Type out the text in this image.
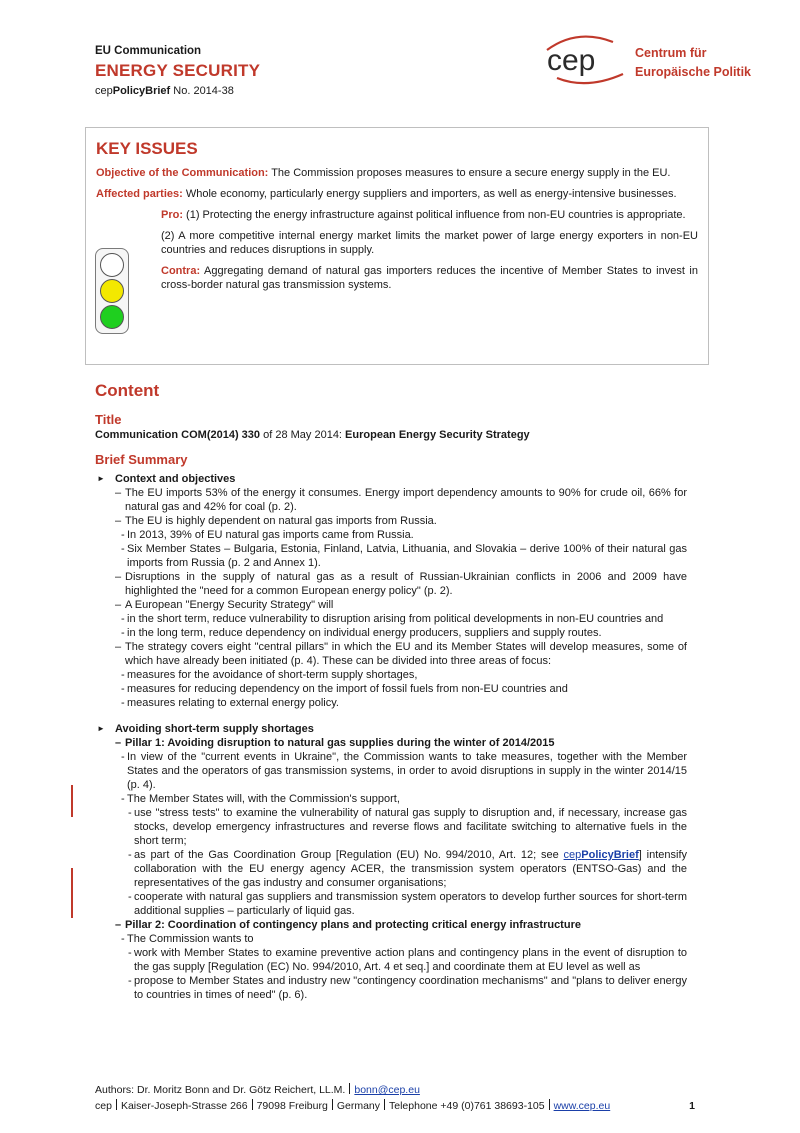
EU Communication
ENERGY SECURITY
cepPolicyBrief No. 2014-38
cep	Centrum für
Europäische Politik
KEY ISSUES

Objective of the Communication: The Commission proposes measures to ensure a secure energy supply in the EU.

Affected parties: Whole economy, particularly energy suppliers and importers, as well as energy-intensive businesses.

Pro: (1) Protecting the energy infrastructure against political influence from non-EU countries is appropriate.

(2) A more competitive internal energy market limits the market power of large energy exporters in non-EU countries and reduces disruptions in supply.

Contra: Aggregating demand of natural gas importers reduces the incentive of Member States to invest in cross-border natural gas transmission systems.

Content
Title
Communication COM(2014) 330 of 28 May 2014: European Energy Security Strategy
Brief Summary
► Context and objectives
– The EU imports 53% of the energy it consumes. Energy import dependency amounts to 90% for crude oil, 66% for natural gas and 42% for coal (p. 2).
– The EU is highly dependent on natural gas imports from Russia.
- In 2013, 39% of EU natural gas imports came from Russia.
- Six Member States – Bulgaria, Estonia, Finland, Latvia, Lithuania, and Slovakia – derive 100% of their natural gas imports from Russia (p. 2 and Annex 1).
– Disruptions in the supply of natural gas as a result of Russian-Ukrainian conflicts in 2006 and 2009 have highlighted the "need for a common European energy policy" (p. 2).
– A European "Energy Security Strategy" will
- in the short term, reduce vulnerability to disruption arising from political developments in non-EU countries and
- in the long term, reduce dependency on individual energy producers, suppliers and supply routes.
– The strategy covers eight "central pillars" in which the EU and its Member States will develop measures, some of which have already been initiated (p. 4). These can be divided into three areas of focus:
- measures for the avoidance of short-term supply shortages,
- measures for reducing dependency on the import of fossil fuels from non-EU countries and
- measures relating to external energy policy.
► Avoiding short-term supply shortages
– Pillar 1: Avoiding disruption to natural gas supplies during the winter of 2014/2015
- In view of the "current events in Ukraine", the Commission wants to take measures, together with the Member States and the operators of gas transmission systems, in order to avoid disruptions in supply in the winter 2014/15 (p. 4).
- The Member States will, with the Commission's support,
- use "stress tests" to examine the vulnerability of natural gas supply to disruption and, if necessary, increase gas stocks, develop emergency infrastructures and reverse flows and facilitate switching to alternative fuels in the short term;
- as part of the Gas Coordination Group [Regulation (EU) No. 994/2010, Art. 12; see cepPolicyBrief] intensify collaboration with the EU energy agency ACER, the transmission system operators (ENTSO-Gas) and the representatives of the gas industry and consumer organisations;
- cooperate with natural gas suppliers and transmission system operators to develop further sources for short-term additional supplies – particularly of liquid gas.
– Pillar 2: Coordination of contingency plans and protecting critical energy infrastructure
- The Commission wants to
- work with Member States to examine preventive action plans and contingency plans in the event of disruption to the gas supply [Regulation (EC) No. 994/2010, Art. 4 et seq.] and coordinate them at EU level as well as
- propose to Member States and industry new "contingency coordination mechanisms" and "plans to deliver energy to countries in times of need" (p. 6).
Authors: Dr. Moritz Bonn and Dr. Götz Reichert, LL.M. bonn@cep.eu
cep Kaiser-Joseph-Strasse 266 79098 Freiburg Germany Telephone +49 (0)761 38693-105 www.cep.eu	1
